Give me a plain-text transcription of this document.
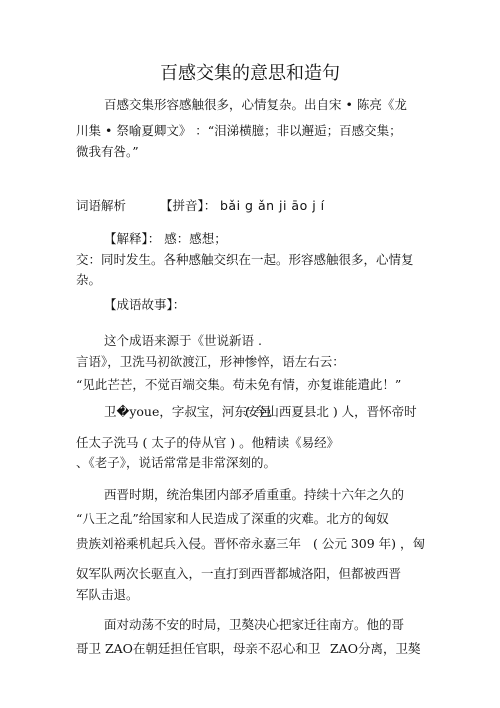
百感交集的意思和造句
百感交集形容感触很多，心情复杂。出自宋 • 陈亮《龙
川集 • 祭喻夏卿文》 ：“泪涕横臆；非以邂逅；百感交集；
微我有咎。”
词语解析	【拼音】： bǎi g ǎn ji āo j í
【解释】： 感：感想；
交：同时发生。各种感触交织在一起。形容感触很多，心情复
杂。
【成语故事】：
这个成语来源于《世说新语 .
言语》，卫洗马初欲渡江，形神惨悴，语左右云：
“见此芒芒，不觉百端交集。苟未免有情，亦复谁能遣此！”
卫�youe，字叔宝，河东安邑
( 今山西夏县北 ) 人，晋怀帝时
任太子洗马 ( 太子的侍从官 ) 。他精读《易经》
、《老子》，说话常常是非常深刻的。
西晋时期，统治集团内部矛盾重重。持续十六年之久的
“八王之乱”给国家和人民造成了深重的灾难。北方的匈奴
贵族刘裕乘机起兵入侵。晋怀帝永嘉三年 ( 公元 309 年) ，匈
奴军队两次长驱直入，一直打到西晋都城洛阳，但都被西晋
军队击退。
面对动荡不安的时局，卫獒决心把家迁往南方。他的哥
哥卫 ZAO在朝廷担任官职，母亲不忍心和卫 ZAO分离，卫獒
